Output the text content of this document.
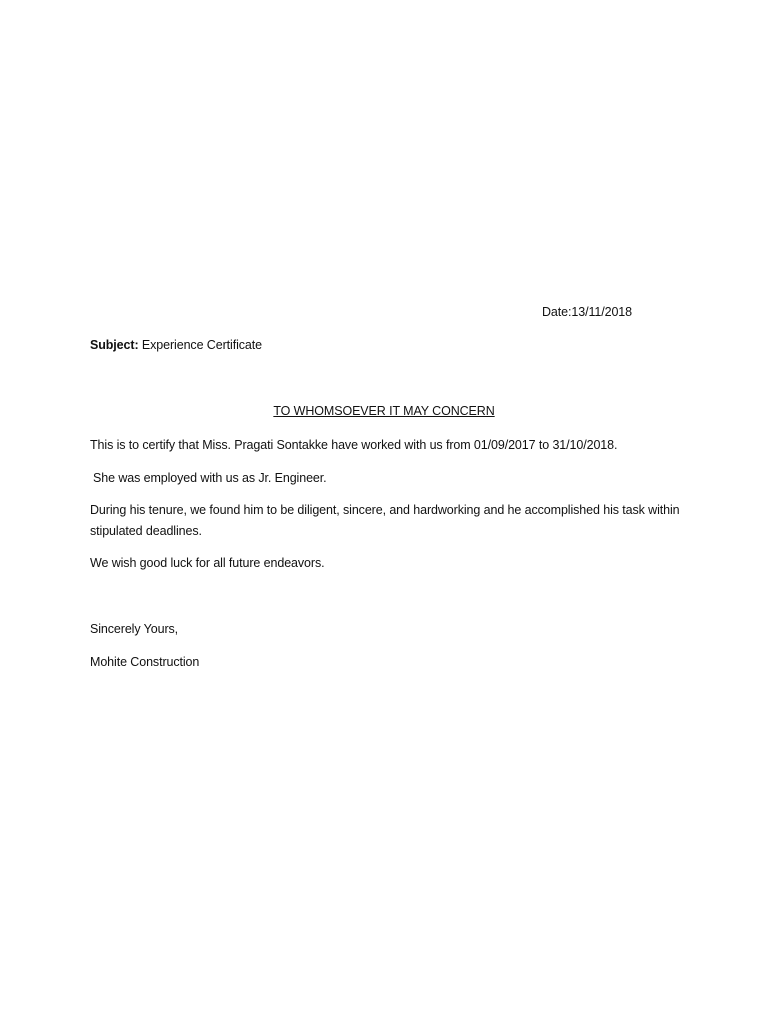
Date:13/11/2018
Subject: Experience Certificate
TO WHOMSOEVER IT MAY CONCERN
This is to certify that Miss. Pragati Sontakke have worked with us from 01/09/2017 to 31/10/2018.
She was employed with us as Jr. Engineer.
During his tenure, we found him to be diligent, sincere, and hardworking and he accomplished his task within stipulated deadlines.
We wish good luck for all future endeavors.
Sincerely Yours,
Mohite Construction
